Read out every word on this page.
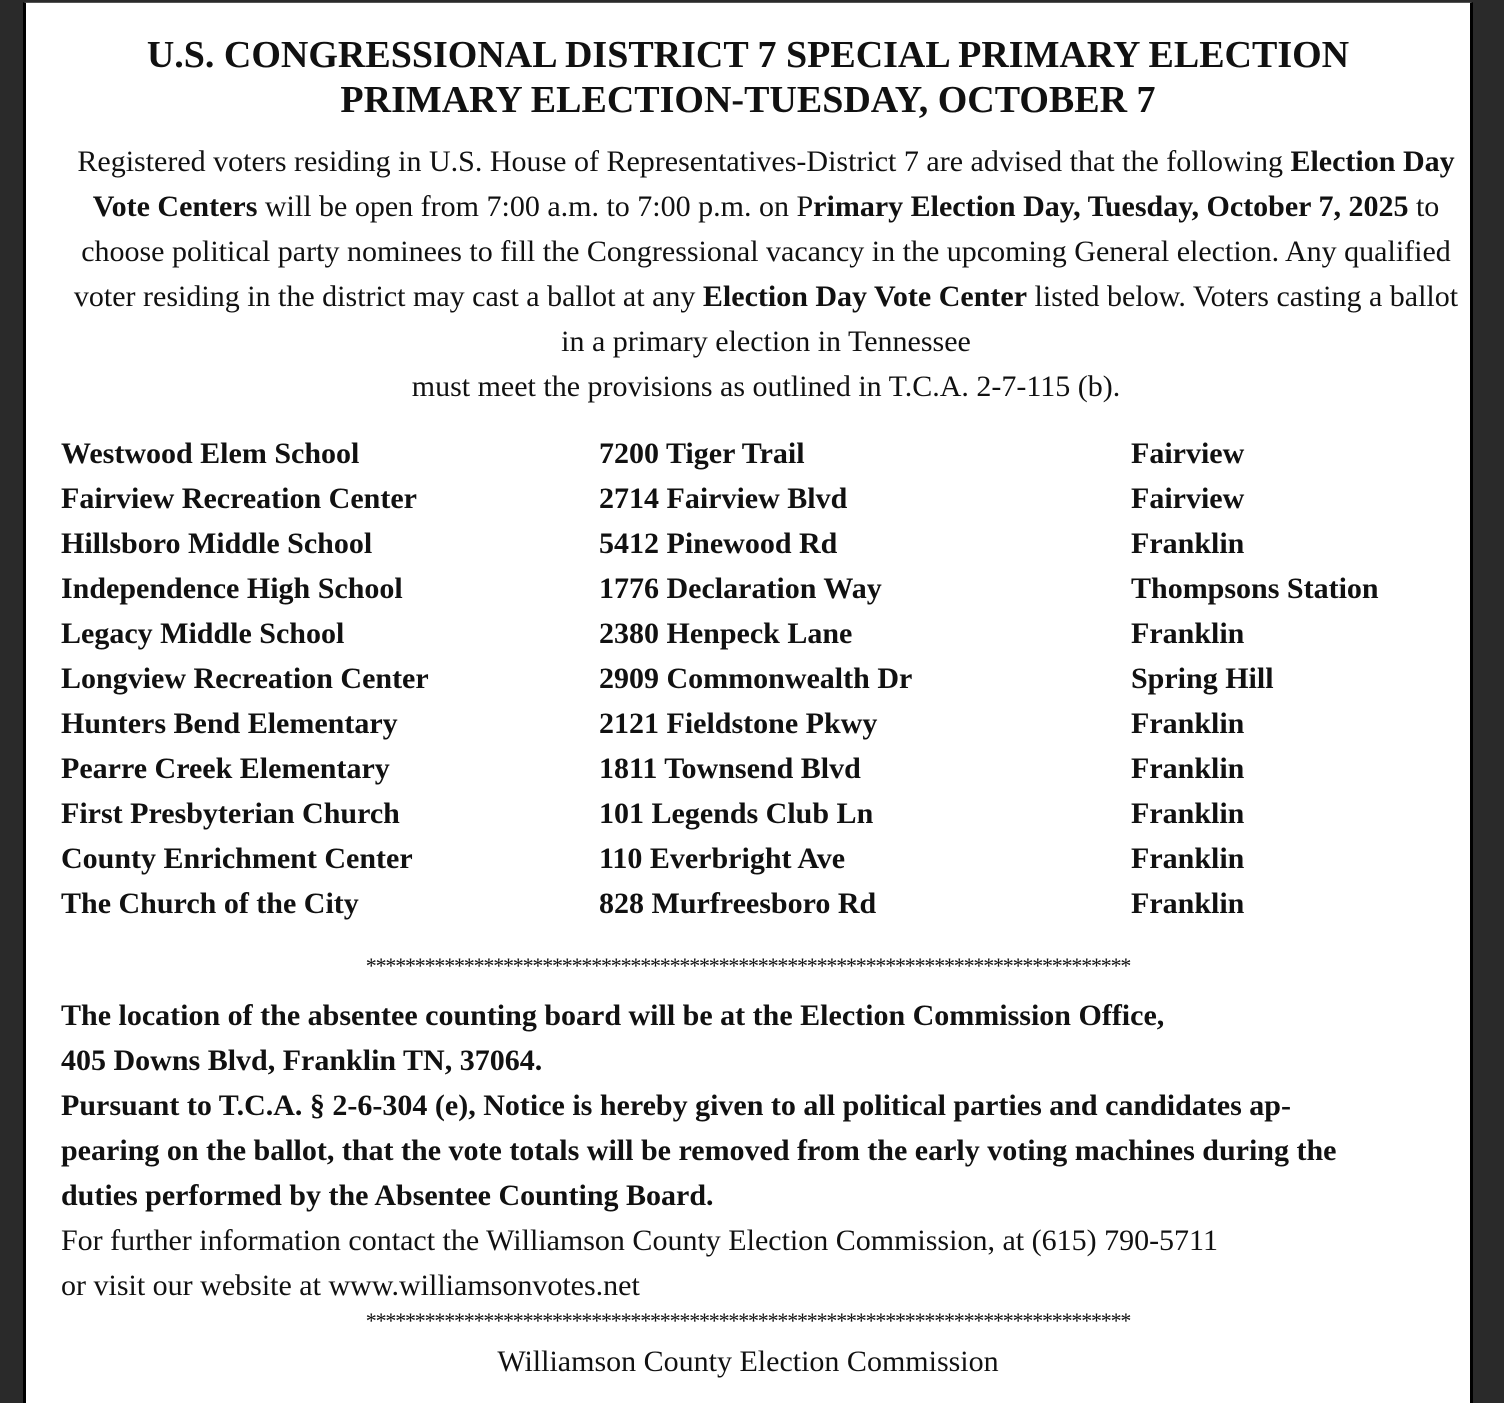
U.S. CONGRESSIONAL DISTRICT 7 SPECIAL PRIMARY ELECTION
PRIMARY ELECTION-TUESDAY, OCTOBER 7
Registered voters residing in U.S. House of Representatives-District 7 are advised that the following Election Day Vote Centers will be open from 7:00 a.m. to 7:00 p.m. on Primary Election Day, Tuesday, October 7, 2025 to choose political party nominees to fill the Congressional vacancy in the upcoming General election. Any qualified voter residing in the district may cast a ballot at any Election Day Vote Center listed below. Voters casting a ballot in a primary election in Tennessee
must meet the provisions as outlined in T.C.A. 2-7-115 (b).
Westwood Elem School	7200 Tiger Trail	Fairview
Fairview Recreation Center	2714 Fairview Blvd	Fairview
Hillsboro Middle School	5412 Pinewood Rd	Franklin
Independence High School	1776 Declaration Way	Thompsons Station
Legacy Middle School	2380 Henpeck Lane	Franklin
Longview Recreation Center	2909 Commonwealth Dr	Spring Hill
Hunters Bend Elementary	2121 Fieldstone Pkwy	Franklin
Pearre Creek Elementary	1811 Townsend Blvd	Franklin
First Presbyterian Church	101 Legends Club Ln	Franklin
County Enrichment Center	110 Everbright Ave	Franklin
The Church of the City	828 Murfreesboro Rd	Franklin
******************************************************************************
The location of the absentee counting board will be at the Election Commission Office,
405 Downs Blvd, Franklin TN, 37064.
Pursuant to T.C.A. § 2-6-304 (e), Notice is hereby given to all political parties and candidates ap-
pearing on the ballot, that the vote totals will be removed from the early voting machines during the
duties performed by the Absentee Counting Board.
For further information contact the Williamson County Election Commission, at (615) 790-5711
or visit our website at www.williamsonvotes.net
******************************************************************************
Williamson County Election Commission
